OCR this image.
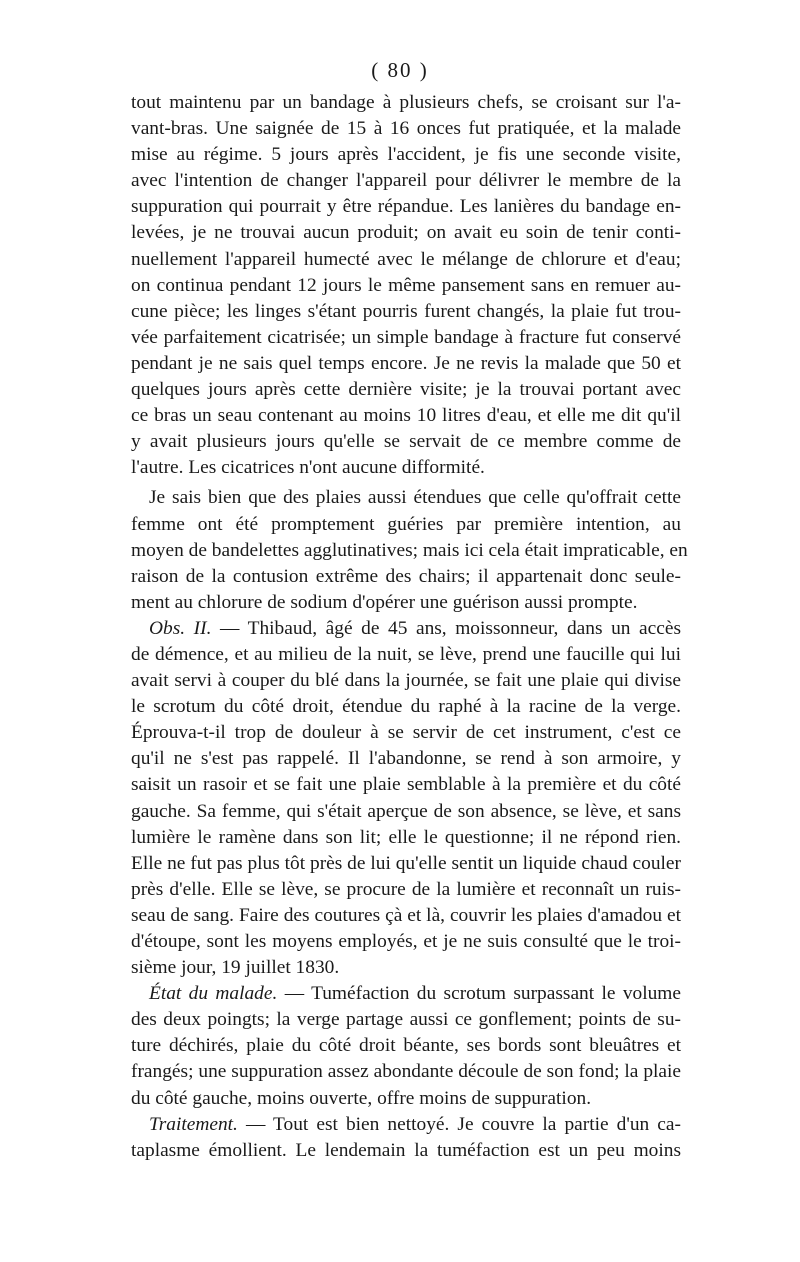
( 80 )
tout maintenu par un bandage à plusieurs chefs, se croisant sur l'a-
vant-bras. Une saignée de 15 à 16 onces fut pratiquée, et la malade
mise au régime. 5 jours après l'accident, je fis une seconde visite,
avec l'intention de changer l'appareil pour délivrer le membre de la
suppuration qui pourrait y être répandue. Les lanières du bandage en-
levées, je ne trouvai aucun produit; on avait eu soin de tenir conti-
nuellement l'appareil humecté avec le mélange de chlorure et d'eau;
on continua pendant 12 jours le même pansement sans en remuer au-
cune pièce; les linges s'étant pourris furent changés, la plaie fut trou-
vée parfaitement cicatrisée; un simple bandage à fracture fut conservé
pendant je ne sais quel temps encore. Je ne revis la malade que 50 et
quelques jours après cette dernière visite; je la trouvai portant avec
ce bras un seau contenant au moins 10 litres d'eau, et elle me dit qu'il
y avait plusieurs jours qu'elle se servait de ce membre comme de
l'autre. Les cicatrices n'ont aucune difformité.
Je sais bien que des plaies aussi étendues que celle qu'offrait cette
femme ont été promptement guéries par première intention, au
moyen de bandelettes agglutinatives; mais ici cela était impraticable, en
raison de la contusion extrême des chairs; il appartenait donc seule-
ment au chlorure de sodium d'opérer une guérison aussi prompte.
Obs. II. — Thibaud, âgé de 45 ans, moissonneur, dans un accès
de démence, et au milieu de la nuit, se lève, prend une faucille qui lui
avait servi à couper du blé dans la journée, se fait une plaie qui divise
le scrotum du côté droit, étendue du raphé à la racine de la verge.
Éprouva-t-il trop de douleur à se servir de cet instrument, c'est ce
qu'il ne s'est pas rappelé. Il l'abandonne, se rend à son armoire, y
saisit un rasoir et se fait une plaie semblable à la première et du côté
gauche. Sa femme, qui s'était aperçue de son absence, se lève, et sans
lumière le ramène dans son lit; elle le questionne; il ne répond rien.
Elle ne fut pas plus tôt près de lui qu'elle sentit un liquide chaud couler
près d'elle. Elle se lève, se procure de la lumière et reconnaît un ruis-
seau de sang. Faire des coutures çà et là, couvrir les plaies d'amadou et
d'étoupe, sont les moyens employés, et je ne suis consulté que le troi-
sième jour, 19 juillet 1830.
État du malade. — Tuméfaction du scrotum surpassant le volume
des deux poingts; la verge partage aussi ce gonflement; points de su-
ture déchirés, plaie du côté droit béante, ses bords sont bleuâtres et
frangés; une suppuration assez abondante découle de son fond; la plaie
du côté gauche, moins ouverte, offre moins de suppuration.
Traitement. — Tout est bien nettoyé. Je couvre la partie d'un ca-
taplasme émollient. Le lendemain la tuméfaction est un peu moins
